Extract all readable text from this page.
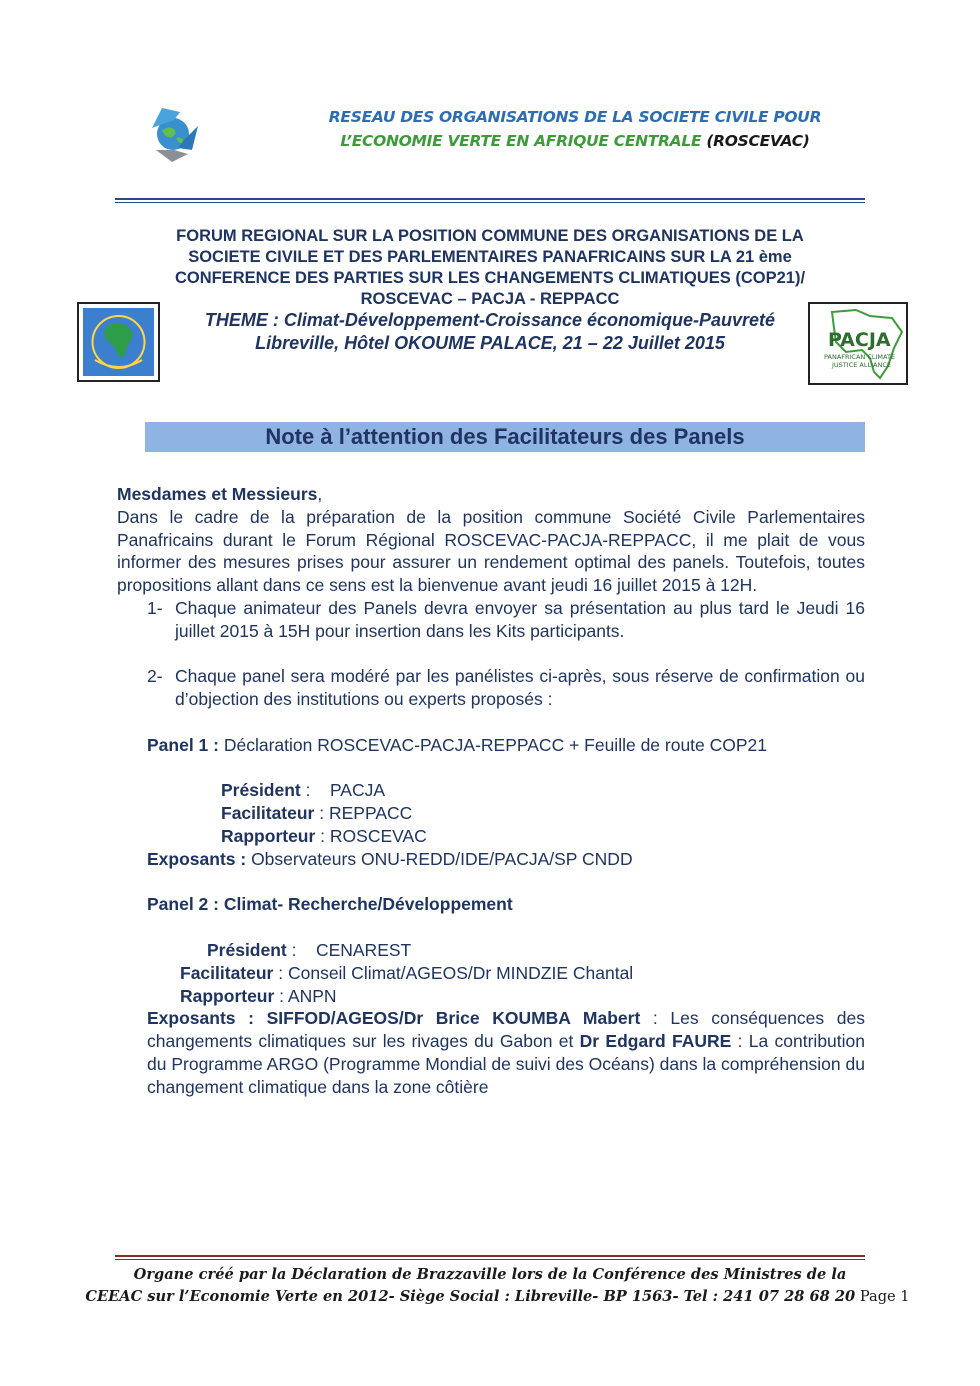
RESEAU DES ORGANISATIONS DE LA SOCIETE CIVILE POUR
L’ECONOMIE VERTE EN AFRIQUE CENTRALE (ROSCEVAC)
FORUM REGIONAL SUR LA POSITION COMMUNE DES ORGANISATIONS DE LA
SOCIETE CIVILE ET DES PARLEMENTAIRES PANAFRICAINS SUR LA 21 ème
CONFERENCE DES PARTIES SUR LES CHANGEMENTS CLIMATIQUES (COP21)/
ROSCEVAC – PACJA - REPPACC
THEME : Climat-Développement-Croissance économique-Pauvreté
Libreville, Hôtel OKOUME PALACE, 21 – 22 Juillet 2015	PACJA
PANAFRICAN CLIMATE
JUSTICE ALLIANCE
Note à l’attention des Facilitateurs des Panels

Mesdames et Messieurs,

Dans le cadre de la préparation de la position commune Société Civile Parlementaires Panafricains durant le Forum Régional ROSCEVAC-PACJA-REPPACC, il me plait de vous informer des mesures prises pour assurer un rendement optimal des panels. Toutefois, toutes propositions allant dans ce sens est la bienvenue avant jeudi 16 juillet 2015 à 12H.

1- Chaque animateur des Panels devra envoyer sa présentation au plus tard le Jeudi 16 juillet 2015 à 15H pour insertion dans les Kits participants.
2- Chaque panel sera modéré par les panélistes ci-après, sous réserve de confirmation ou d’objection des institutions ou experts proposés :
Panel 1 : Déclaration ROSCEVAC-PACJA-REPPACC + Feuille de route COP21
Président :    PACJA
Facilitateur : REPPACC
Rapporteur : ROSCEVAC
Exposants : Observateurs ONU-REDD/IDE/PACJA/SP CNDD
Panel 2 : Climat- Recherche/Développement
Président :    CENAREST
Facilitateur : Conseil Climat/AGEOS/Dr MINDZIE Chantal
Rapporteur : ANPN

Exposants : SIFFOD/AGEOS/Dr Brice KOUMBA Mabert : Les conséquences des changements climatiques sur les rivages du Gabon et Dr Edgard FAURE : La contribution du Programme ARGO (Programme Mondial de suivi des Océans) dans la compréhension du changement climatique dans la zone côtière

Organe créé par la Déclaration de Brazzaville lors de la Conférence des Ministres de la
CEEAC sur l’Economie Verte en 2012- Siège Social : Libreville- BP 1563- Tel : 241 07 28 68 20 Page 1
